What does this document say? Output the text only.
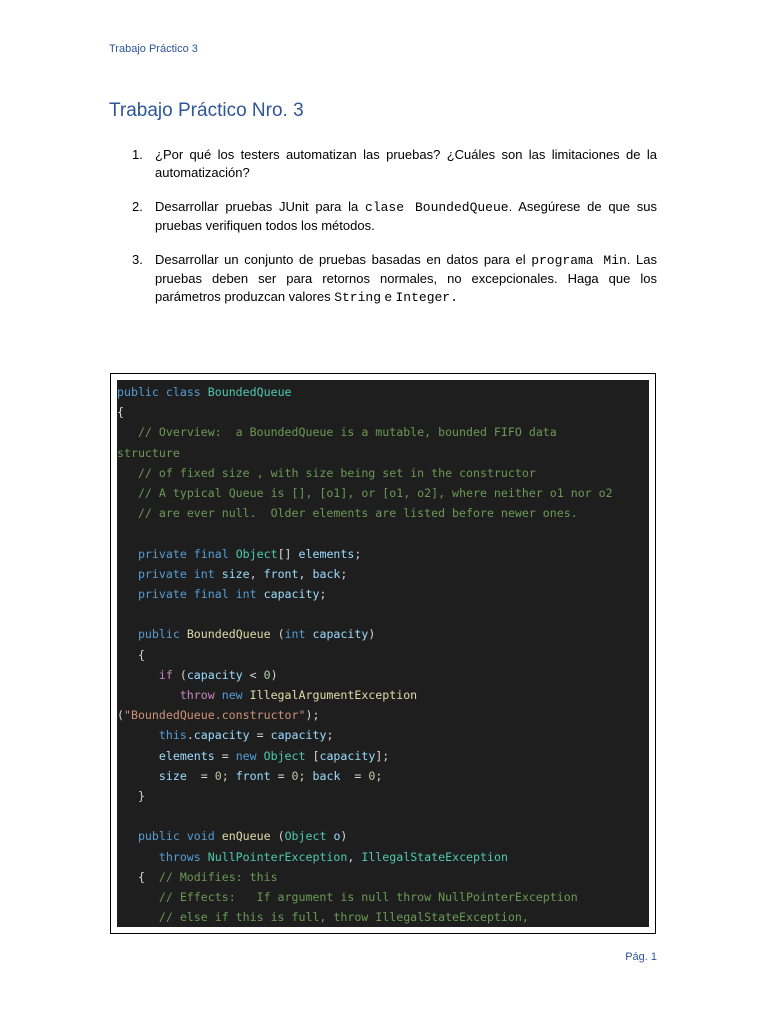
Trabajo Práctico 3
Trabajo Práctico Nro. 3
1. ¿Por qué los testers automatizan las pruebas? ¿Cuáles son las limitaciones de la automatización?
2. Desarrollar pruebas JUnit para la clase BoundedQueue. Asegúrese de que sus pruebas verifiquen todos los métodos.
3. Desarrollar un conjunto de pruebas basadas en datos para el programa Min. Las pruebas deben ser para retornos normales, no excepcionales. Haga que los parámetros produzcan valores String e Integer.
public class BoundedQueue
{
// Overview:  a BoundedQueue is a mutable, bounded FIFO data
structure
// of fixed size , with size being set in the constructor
// A typical Queue is [], [o1], or [o1, o2], where neither o1 nor o2
// are ever null.  Older elements are listed before newer ones.
private final Object[] elements;
private int size, front, back;
private final int capacity;
public BoundedQueue (int capacity)
{
if (capacity < 0)
throw new IllegalArgumentException
("BoundedQueue.constructor");
this.capacity = capacity;
elements = new Object [capacity];
size  = 0; front = 0; back  = 0;
}
public void enQueue (Object o)
throws NullPointerException, IllegalStateException
{  // Modifies: this
// Effects:   If argument is null throw NullPointerException
// else if this is full, throw IllegalStateException,
Pág. 1
